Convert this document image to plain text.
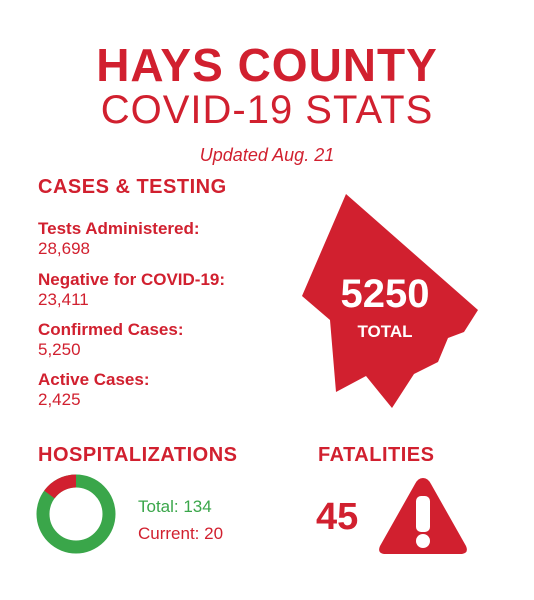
HAYS COUNTY
COVID-19 STATS
Updated Aug. 21
CASES & TESTING
Tests Administered:
28,698
Negative for COVID-19:
23,411
Confirmed Cases:
5,250
Active Cases:
2,425
5250
TOTAL
HOSPITALIZATIONS
Total: 134
Current: 20
FATALITIES
45
